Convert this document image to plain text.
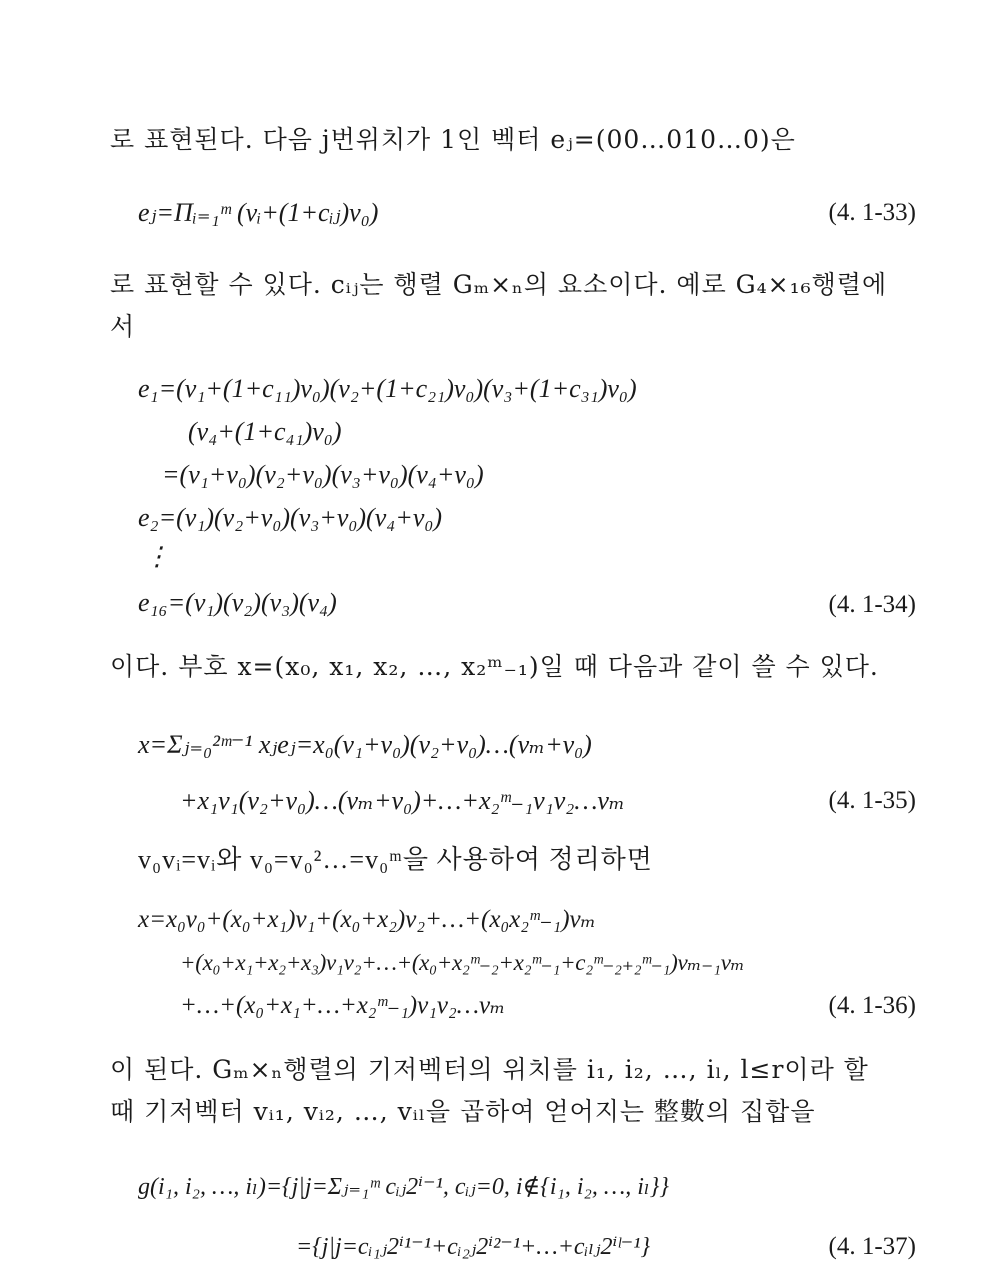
로 표현된다. 다음 j번위치가 1인 벡터 eⱼ=(00…010…0)은
eⱼ=Πᵢ₌₁ᵐ (vᵢ+(1+cᵢⱼ)v₀)	(4. 1-33)
로 표현할 수 있다. cᵢⱼ는 행렬 Gₘ×ₙ의 요소이다. 예로 G₄×₁₆행렬에
서
e₁=(v₁+(1+c₁₁)v₀)(v₂+(1+c₂₁)v₀)(v₃+(1+c₃₁)v₀)
(v₄+(1+c₄₁)v₀)
=(v₁+v₀)(v₂+v₀)(v₃+v₀)(v₄+v₀)
e₂=(v₁)(v₂+v₀)(v₃+v₀)(v₄+v₀)
⋮
e₁₆=(v₁)(v₂)(v₃)(v₄)	(4. 1-34)
이다. 부호 x=(x₀, x₁, x₂, …, x₂ᵐ₋₁)일 때 다음과 같이 쓸 수 있다.
x=Σⱼ₌₀²ᵐ⁻¹ xⱼeⱼ=x₀(v₁+v₀)(v₂+v₀)…(vₘ+v₀)
+x₁v₁(v₂+v₀)…(vₘ+v₀)+…+x₂ᵐ₋₁v₁v₂…vₘ	(4. 1-35)
v₀vᵢ=vᵢ와 v₀=v₀²…=v₀ᵐ을 사용하여 정리하면
x=x₀v₀+(x₀+x₁)v₁+(x₀+x₂)v₂+…+(x₀x₂ᵐ₋₁)vₘ
+(x₀+x₁+x₂+x₃)v₁v₂+…+(x₀+x₂ᵐ₋₂+x₂ᵐ₋₁+c₂ᵐ₋₂₊₂ᵐ₋₁)vₘ₋₁vₘ
+…+(x₀+x₁+…+x₂ᵐ₋₁)v₁v₂…vₘ	(4. 1-36)
이 된다. Gₘ×ₙ행렬의 기저벡터의 위치를 i₁, i₂, …, iₗ, l≤r이라 할
때 기저벡터 vᵢ₁, vᵢ₂, …, vᵢₗ을 곱하여 얻어지는 整數의 집합을
g(i₁, i₂, …, iₗ)={j|j=Σⱼ₌₁ᵐ cᵢⱼ2ⁱ⁻¹, cᵢⱼ=0, i∉{i₁, i₂, …, iₗ}}
={j|j=cᵢ₁ⱼ2ⁱ¹⁻¹+cᵢ₂ⱼ2ⁱ²⁻¹+…+cᵢₗⱼ2ⁱˡ⁻¹}	(4. 1-37)
